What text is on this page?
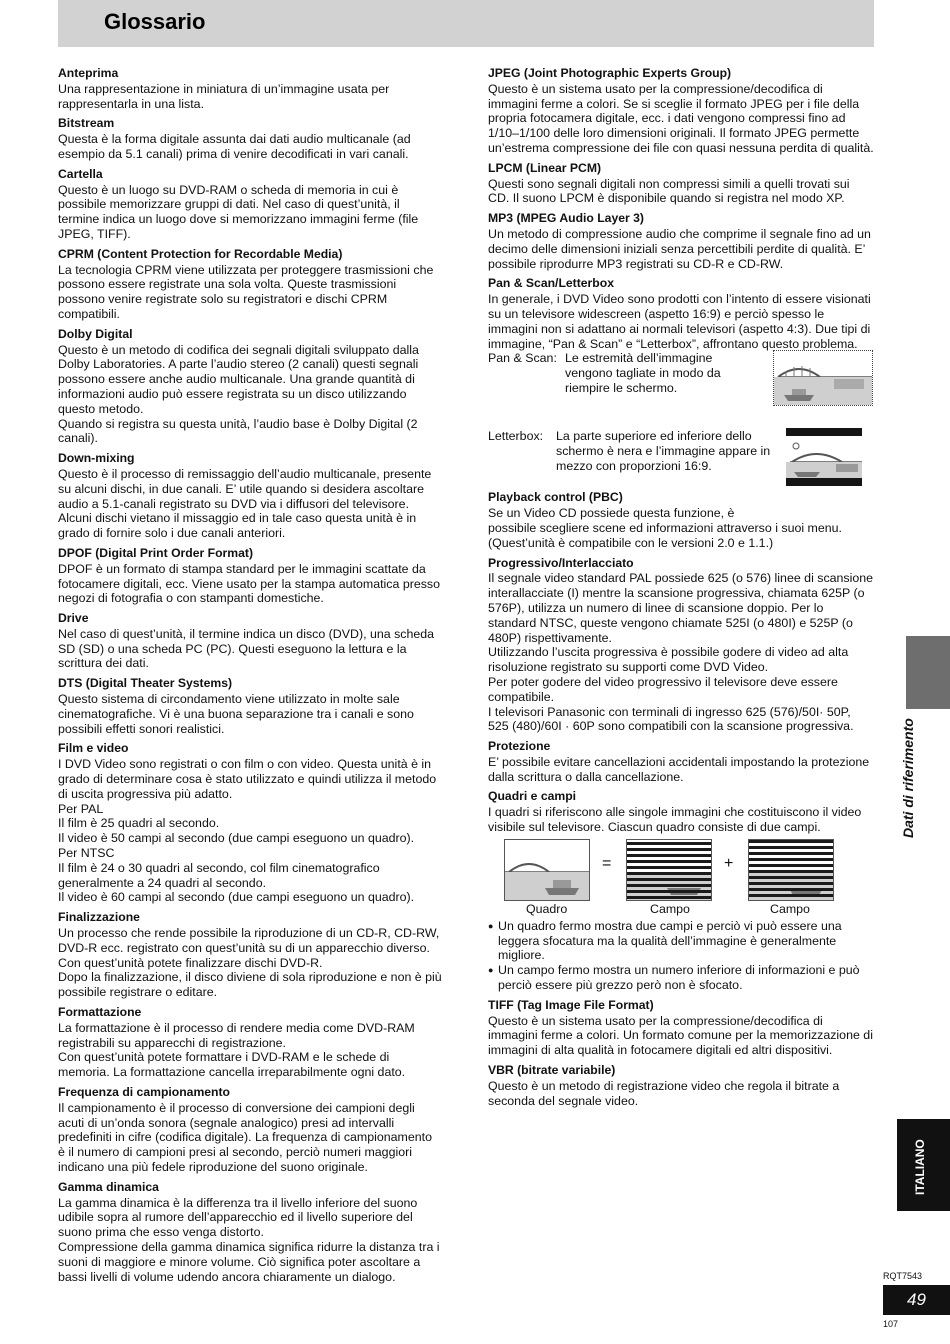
Glossario
Anteprima

Una rappresentazione in miniatura di un’immagine usata per rappresentarla in una lista.

Bitstream

Questa è la forma digitale assunta dai dati audio multicanale (ad esempio da 5.1 canali) prima di venire decodificati in vari canali.

Cartella

Questo è un luogo su DVD-RAM o scheda di memoria in cui è possibile memorizzare gruppi di dati. Nel caso di quest’unità, il termine indica un luogo dove si memorizzano immagini ferme (file JPEG, TIFF).

CPRM (Content Protection for Recordable Media)

La tecnologia CPRM viene utilizzata per proteggere trasmissioni che possono essere registrate una sola volta. Queste trasmissioni possono venire registrate solo su registratori e dischi CPRM compatibili.

Dolby Digital

Questo è un metodo di codifica dei segnali digitali sviluppato dalla Dolby Laboratories. A parte l’audio stereo (2 canali) questi segnali possono essere anche audio multicanale. Una grande quantità di informazioni audio può essere registrata su un disco utilizzando questo metodo.

Quando si registra su questa unità, l’audio base è Dolby Digital (2 canali).

Down-mixing

Questo è il processo di remissaggio dell’audio multicanale, presente su alcuni dischi, in due canali. E’ utile quando si desidera ascoltare audio a 5.1-canali registrato su DVD via i diffusori del televisore. Alcuni dischi vietano il missaggio ed in tale caso questa unità è in grado di fornire solo i due canali anteriori.

DPOF (Digital Print Order Format)

DPOF è un formato di stampa standard per le immagini scattate da fotocamere digitali, ecc. Viene usato per la stampa automatica presso negozi di fotografia o con stampanti domestiche.

Drive

Nel caso di quest’unità, il termine indica un disco (DVD), una scheda SD (SD) o una scheda PC (PC). Questi eseguono la lettura e la scrittura dei dati.

DTS (Digital Theater Systems)

Questo sistema di circondamento viene utilizzato in molte sale cinematografiche. Vi è una buona separazione tra i canali e sono possibili effetti sonori realistici.

Film e video

I DVD Video sono registrati o con film o con video. Questa unità è in grado di determinare cosa è stato utilizzato e quindi utilizza il metodo di uscita progressiva più adatto.

Per PAL

Il film è 25 quadri al secondo.

Il video è 50 campi al secondo (due campi eseguono un quadro).

Per NTSC

Il film è 24 o 30 quadri al secondo, col film cinematografico generalmente a 24 quadri al secondo.

Il video è 60 campi al secondo (due campi eseguono un quadro).

Finalizzazione

Un processo che rende possibile la riproduzione di un CD-R, CD-RW, DVD-R ecc. registrato con quest’unità su di un apparecchio diverso. Con quest’unità potete finalizzare dischi DVD-R.

Dopo la finalizzazione, il disco diviene di sola riproduzione e non è più possibile registrare o editare.

Formattazione

La formattazione è il processo di rendere media come DVD-RAM registrabili su apparecchi di registrazione.

Con quest’unità potete formattare i DVD-RAM e le schede di memoria. La formattazione cancella irreparabilmente ogni dato.

Frequenza di campionamento

Il campionamento è il processo di conversione dei campioni degli acuti di un’onda sonora (segnale analogico) presi ad intervalli predefiniti in cifre (codifica digitale). La frequenza di campionamento è il numero di campioni presi al secondo, perciò numeri maggiori indicano una più fedele riproduzione del suono originale.

Gamma dinamica

La gamma dinamica è la differenza tra il livello inferiore del suono udibile sopra al rumore dell’apparecchio ed il livello superiore del suono prima che esso venga distorto.

Compressione della gamma dinamica significa ridurre la distanza tra i suoni di maggiore e minore volume. Ciò significa poter ascoltare a bassi livelli di volume udendo ancora chiaramente un dialogo.

JPEG (Joint Photographic Experts Group)

Questo è un sistema usato per la compressione/decodifica di immagini ferme a colori. Se si sceglie il formato JPEG per i file della propria fotocamera digitale, ecc. i dati vengono compressi fino ad 1/10–1/100 delle loro dimensioni originali. Il formato JPEG permette un’estrema compressione dei file con quasi nessuna perdita di qualità.

LPCM (Linear PCM)

Questi sono segnali digitali non compressi simili a quelli trovati sui CD. Il suono LPCM è disponibile quando si registra nel modo XP.

MP3 (MPEG Audio Layer 3)

Un metodo di compressione audio che comprime il segnale fino ad un decimo delle dimensioni iniziali senza percettibili perdite di qualità. E’ possibile riprodurre MP3 registrati su CD-R e CD-RW.

Pan & Scan/Letterbox

In generale, i DVD Video sono prodotti con l’intento di essere visionati su un televisore widescreen (aspetto 16:9) e perciò spesso le immagini non si adattano ai normali televisori (aspetto 4:3). Due tipi di immagine, “Pan & Scan” e “Letterbox”, affrontano questo problema.

Pan & Scan: Le estremità dell’immagine vengono tagliate in modo da riempire le schermo.
Letterbox:	La parte superiore ed inferiore dello schermo è nera e l’immagine appare in mezzo con proporzioni 16:9.
Playback control (PBC)

Se un Video CD possiede questa funzione, è

possibile scegliere scene ed informazioni attraverso i suoi menu. (Quest’unità è compatibile con le versioni 2.0 e 1.1.)

Progressivo/Interlacciato

Il segnale video standard PAL possiede 625 (o 576) linee di scansione interallacciate (I) mentre la scansione progressiva, chiamata 625P (o 576P), utilizza un numero di linee di scansione doppio. Per lo standard NTSC, queste vengono chiamate 525I (o 480I) e 525P (o 480P) rispettivamente.

Utilizzando l’uscita progressiva è possibile godere di video ad alta risoluzione registrato su supporti come DVD Video.

Per poter godere del video progressivo il televisore deve essere compatibile.

I televisori Panasonic con terminali di ingresso 625 (576)/50I· 50P, 525 (480)/60I · 60P sono compatibili con la scansione progressiva.

Protezione

E’ possibile evitare cancellazioni accidentali impostando la protezione dalla scrittura o dalla cancellazione.

Quadri e campi

I quadri si riferiscono alle singole immagini che costituiscono il video visibile sul televisore. Ciascun quadro consiste di due campi.

=	+
Quadro	Campo	Campo
● Un quadro fermo mostra due campi e perciò vi può essere una leggera sfocatura ma la qualità dell’immagine è generalmente migliore.
● Un campo fermo mostra un numero inferiore di informazioni e può perciò essere più grezzo però non è sfocato.
TIFF (Tag Image File Format)

Questo è un sistema usato per la compressione/decodifica di immagini ferme a colori. Un formato comune per la memorizzazione di immagini di alta qualità in fotocamere digitali ed altri dispositivi.

VBR (bitrate variabile)

Questo è un metodo di registrazione video che regola il bitrate a seconda del segnale video.

Dati di riferimento
ITALIANO
RQT7543
49
107
